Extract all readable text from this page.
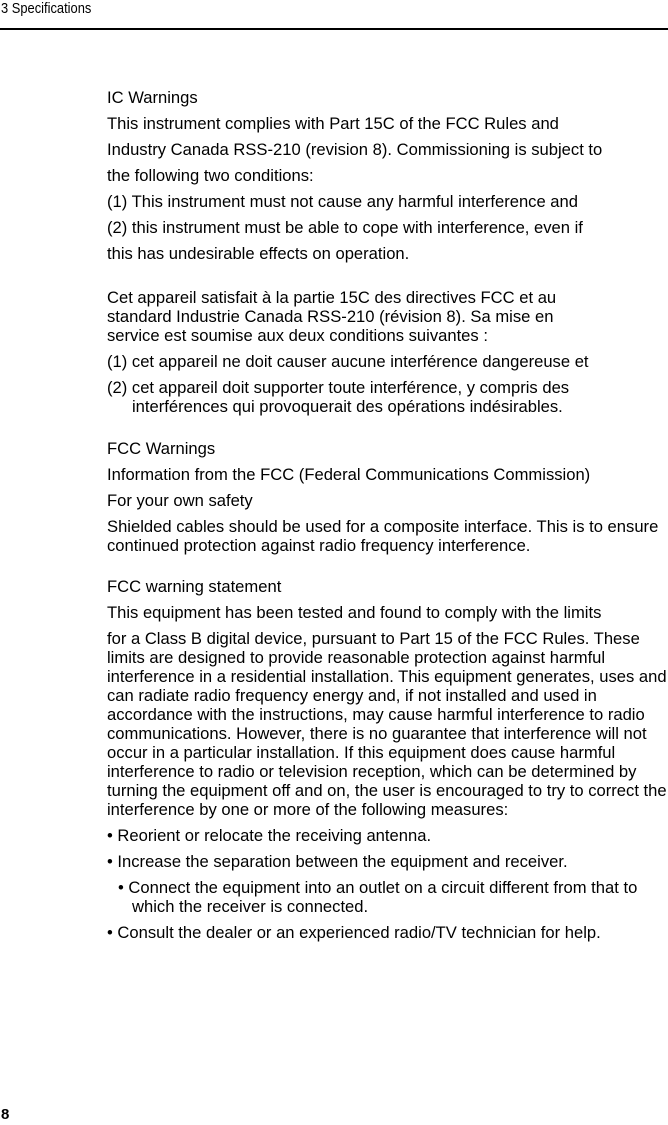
3 Specifications

IC Warnings

This instrument complies with Part 15C of the FCC Rules and

Industry Canada RSS-210 (revision 8). Commissioning is subject to

the following two conditions:

(1) This instrument must not cause any harmful interference and

(2) this instrument must be able to cope with interference, even if

this has undesirable effects on operation.

Cet appareil satisfait à la partie 15C des directives FCC et au

standard Industrie Canada RSS-210 (révision 8). Sa mise en

service est soumise aux deux conditions suivantes :

(1) cet appareil ne doit causer aucune interférence dangereuse et

(2) cet appareil doit supporter toute interférence, y compris des interférences qui provoquerait des opérations indésirables.

FCC Warnings

Information from the FCC (Federal Communications Commission)

For your own safety

Shielded cables should be used for a composite interface. This is to ensure continued protection against radio frequency interference.

FCC warning statement

This equipment has been tested and found to comply with the limits

for a Class B digital device, pursuant to Part 15 of the FCC Rules. These limits are designed to provide reasonable protection against harmful interference in a residential installation. This equipment generates, uses and can radiate radio frequency energy and, if not installed and used in accordance with the instructions, may cause harmful interference to radio communications. However, there is no guarantee that interference will not occur in a particular installation. If this equipment does cause harmful interference to radio or television reception, which can be determined by turning the equipment off and on, the user is encouraged to try to correct the interference by one or more of the following measures:

• Reorient or relocate the receiving antenna.

• Increase the separation between the equipment and receiver.

• Connect the equipment into an outlet on a circuit different from that to which the receiver is connected.

• Consult the dealer or an experienced radio/TV technician for help.

8
